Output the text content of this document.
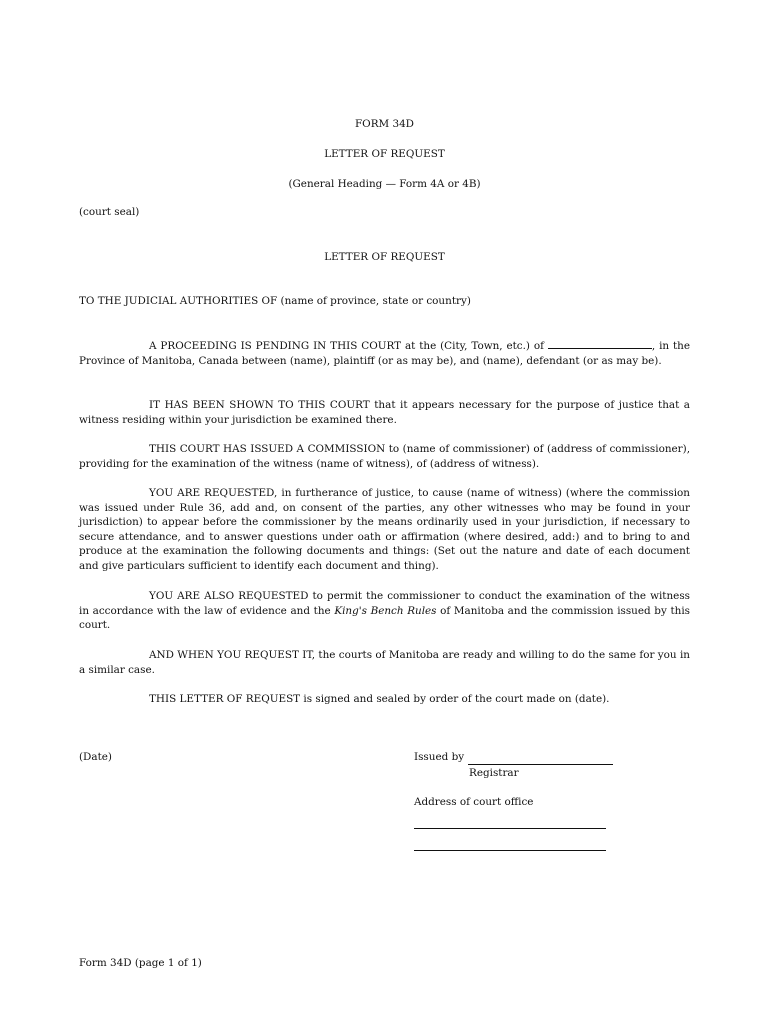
FORM 34D
LETTER OF REQUEST
(General Heading — Form 4A or 4B)
(court seal)
LETTER OF REQUEST
TO THE JUDICIAL AUTHORITIES OF (name of province, state or country)
A PROCEEDING IS PENDING IN THIS COURT at the (City, Town, etc.) of	, in the Province of Manitoba, Canada between (name), plaintiff (or as may be), and (name), defendant (or as may be).
IT HAS BEEN SHOWN TO THIS COURT that it appears necessary for the purpose of justice that a witness residing within your jurisdiction be examined there.
THIS COURT HAS ISSUED A COMMISSION to (name of commissioner) of (address of commissioner), providing for the examination of the witness (name of witness), of (address of witness).
YOU ARE REQUESTED, in furtherance of justice, to cause (name of witness) (where the commission was issued under Rule 36, add and, on consent of the parties, any other witnesses who may be found in your jurisdiction) to appear before the commissioner by the means ordinarily used in your jurisdiction, if necessary to secure attendance, and to answer questions under oath or affirmation (where desired, add:) and to bring to and produce at the examination the following documents and things: (Set out the nature and date of each document and give particulars sufficient to identify each document and thing).
YOU ARE ALSO REQUESTED to permit the commissioner to conduct the examination of the witness in accordance with the law of evidence and the King's Bench Rules of Manitoba and the commission issued by this court.
AND WHEN YOU REQUEST IT, the courts of Manitoba are ready and willing to do the same for you in a similar case.
THIS LETTER OF REQUEST is signed and sealed by order of the court made on (date).
(Date)	Issued by
Registrar
Address of court office
Form 34D (page 1 of 1)
